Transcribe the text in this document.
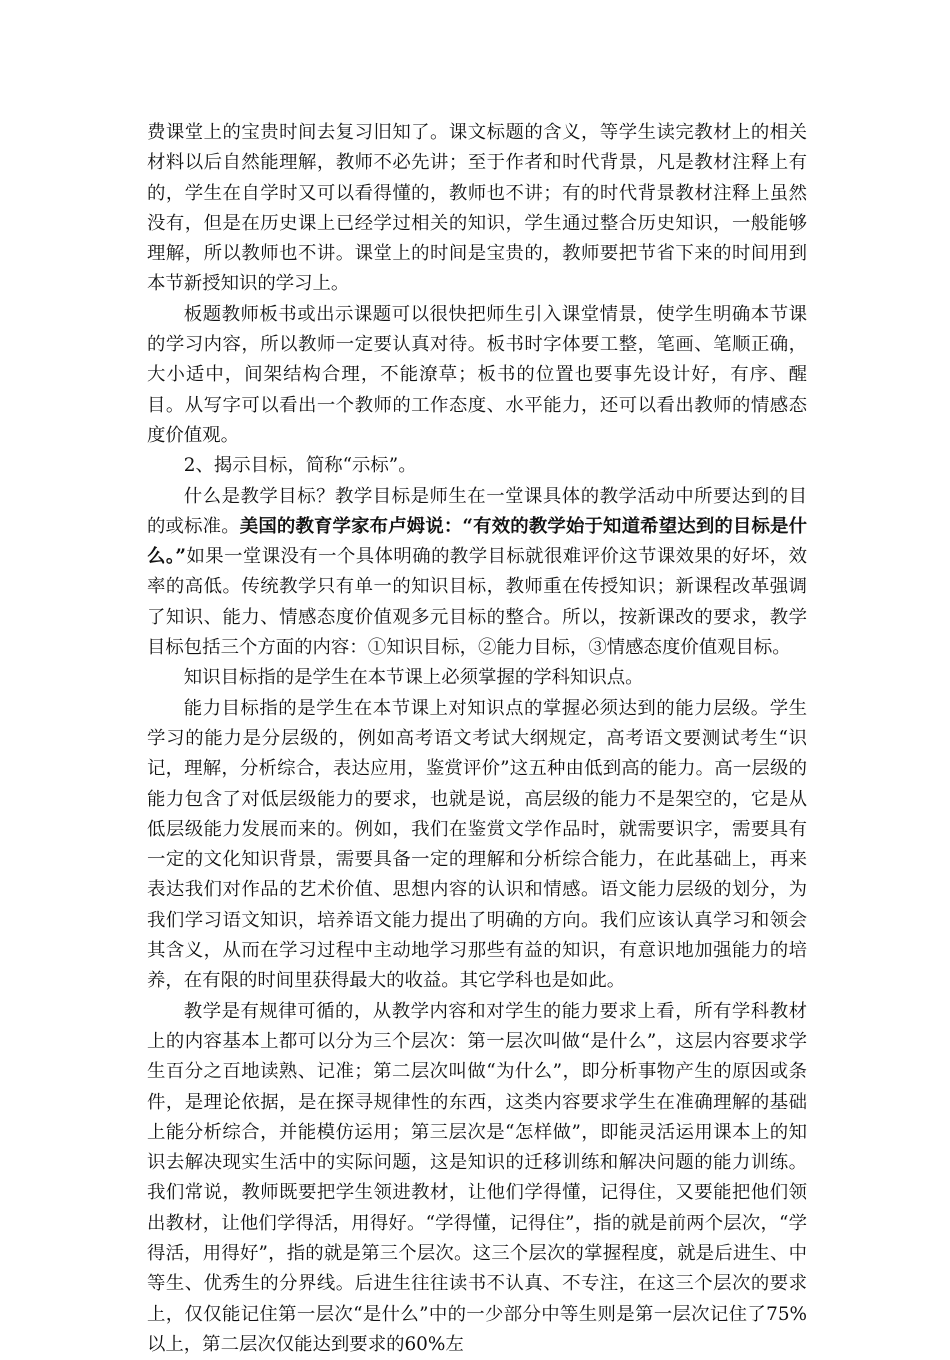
费课堂上的宝贵时间去复习旧知了。课文标题的含义，等学生读完教材上的相关材料以后自然能理解，教师不必先讲；至于作者和时代背景，凡是教材注释上有的，学生在自学时又可以看得懂的，教师也不讲；有的时代背景教材注释上虽然没有，但是在历史课上已经学过相关的知识，学生通过整合历史知识，一般能够理解，所以教师也不讲。课堂上的时间是宝贵的，教师要把节省下来的时间用到本节新授知识的学习上。

板题教师板书或出示课题可以很快把师生引入课堂情景，使学生明确本节课的学习内容，所以教师一定要认真对待。板书时字体要工整，笔画、笔顺正确，大小适中，间架结构合理，不能潦草；板书的位置也要事先设计好，有序、醒目。从写字可以看出一个教师的工作态度、水平能力，还可以看出教师的情感态度价值观。

2、揭示目标，简称“示标”。

什么是教学目标？教学目标是师生在一堂课具体的教学活动中所要达到的目的或标准。美国的教育学家布卢姆说：“有效的教学始于知道希望达到的目标是什么。”如果一堂课没有一个具体明确的教学目标就很难评价这节课效果的好坏，效率的高低。传统教学只有单一的知识目标，教师重在传授知识；新课程改革强调了知识、能力、情感态度价值观多元目标的整合。所以，按新课改的要求，教学目标包括三个方面的内容：①知识目标，②能力目标，③情感态度价值观目标。

知识目标指的是学生在本节课上必须掌握的学科知识点。

能力目标指的是学生在本节课上对知识点的掌握必须达到的能力层级。学生学习的能力是分层级的，例如高考语文考试大纲规定，高考语文要测试考生“识记，理解，分析综合，表达应用，鉴赏评价”这五种由低到高的能力。高一层级的能力包含了对低层级能力的要求，也就是说，高层级的能力不是架空的，它是从低层级能力发展而来的。例如，我们在鉴赏文学作品时，就需要识字，需要具有一定的文化知识背景，需要具备一定的理解和分析综合能力，在此基础上，再来表达我们对作品的艺术价值、思想内容的认识和情感。语文能力层级的划分，为我们学习语文知识，培养语文能力提出了明确的方向。我们应该认真学习和领会其含义，从而在学习过程中主动地学习那些有益的知识，有意识地加强能力的培养，在有限的时间里获得最大的收益。其它学科也是如此。

教学是有规律可循的，从教学内容和对学生的能力要求上看，所有学科教材上的内容基本上都可以分为三个层次：第一层次叫做“是什么”，这层内容要求学生百分之百地读熟、记准；第二层次叫做“为什么”，即分析事物产生的原因或条件，是理论依据，是在探寻规律性的东西，这类内容要求学生在准确理解的基础上能分析综合，并能模仿运用；第三层次是“怎样做”，即能灵活运用课本上的知识去解决现实生活中的实际问题，这是知识的迁移训练和解决问题的能力训练。我们常说，教师既要把学生领进教材，让他们学得懂，记得住，又要能把他们领出教材，让他们学得活，用得好。“学得懂，记得住”，指的就是前两个层次，“学得活，用得好”，指的就是第三个层次。这三个层次的掌握程度，就是后进生、中等生、优秀生的分界线。后进生往往读书不认真、不专注，在这三个层次的要求上，仅仅能记住第一层次“是什么”中的一少部分中等生则是第一层次记住了75%以上，第二层次仅能达到要求的60%左
